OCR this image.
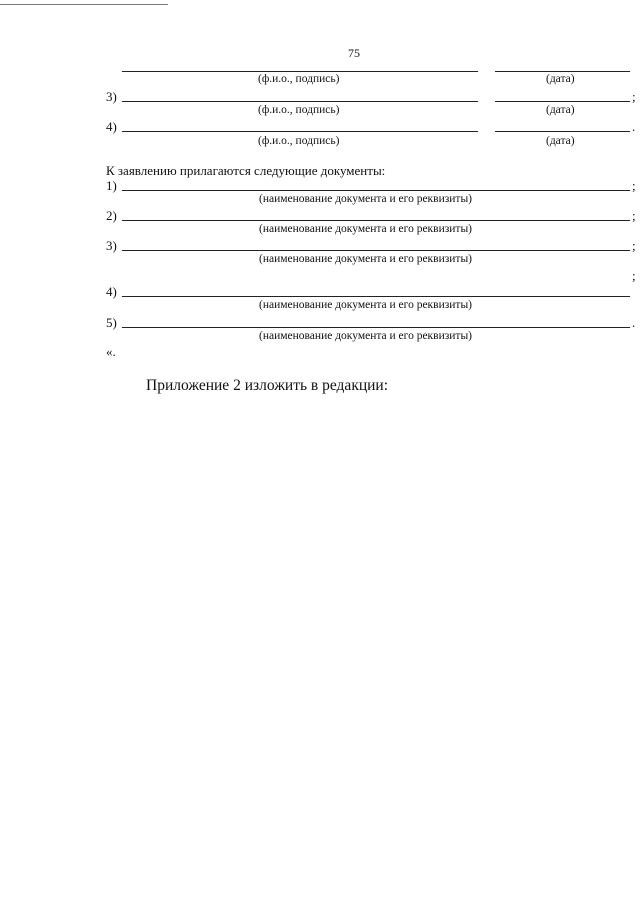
75
(ф.и.о., подпись)	(дата)
3)	;
(ф.и.о., подпись)	(дата)
4)	.
(ф.и.о., подпись)	(дата)
К заявлению прилагаются следующие документы:
1)	;
(наименование документа и его реквизиты)
2)	;
(наименование документа и его реквизиты)
3)	;
(наименование документа и его реквизиты)
;
4)
(наименование документа и его реквизиты)
5)	.
(наименование документа и его реквизиты)
«.
Приложение 2 изложить в редакции:
